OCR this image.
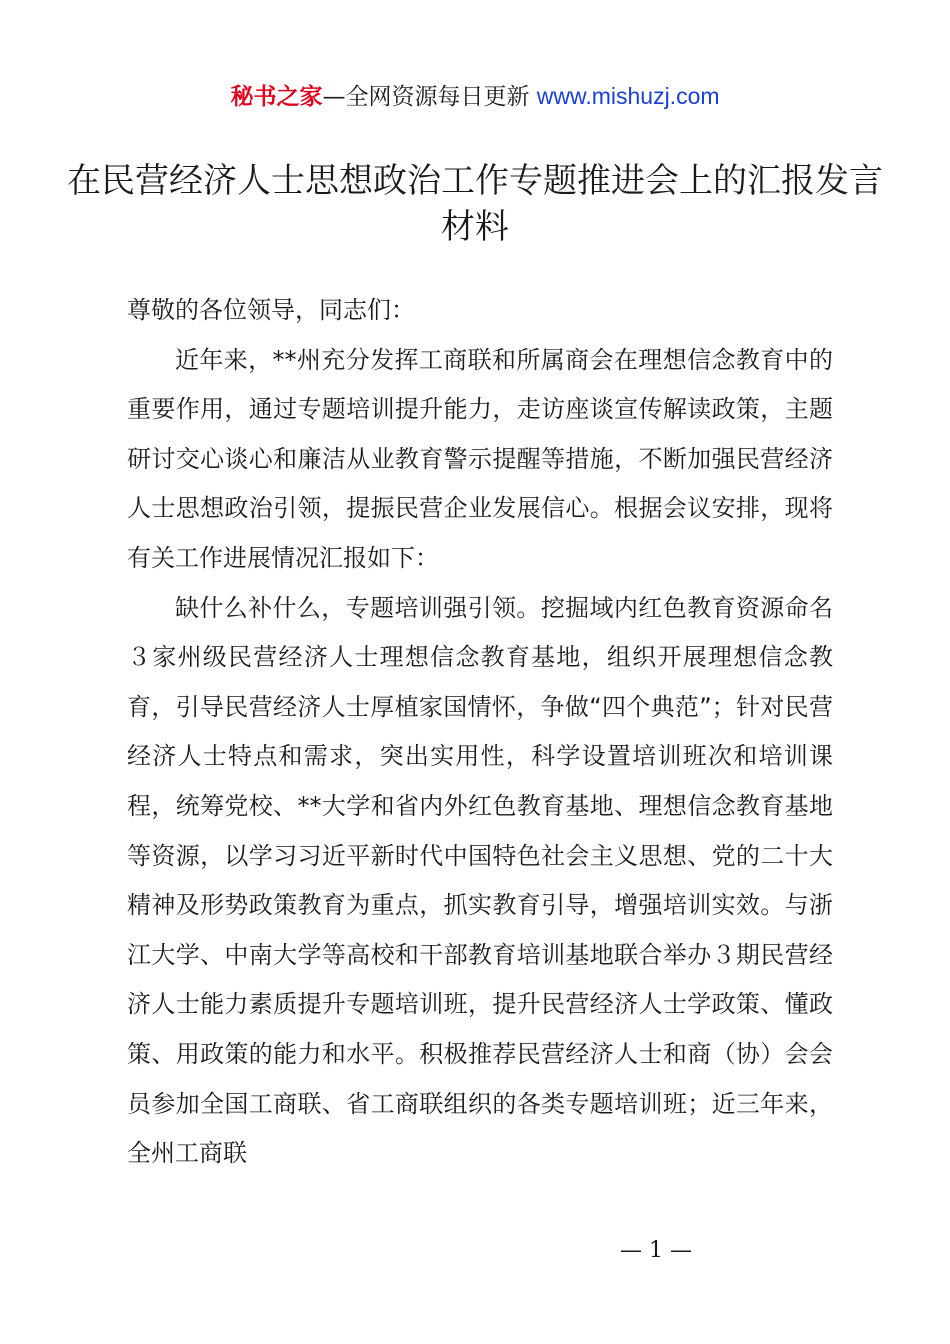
秘书之家—全网资源每日更新 www.mishuzj.com
在民营经济人士思想政治工作专题推进会上的汇报发言材料

尊敬的各位领导，同志们：

近年来，**州充分发挥工商联和所属商会在理想信念教育中的重要作用，通过专题培训提升能力，走访座谈宣传解读政策，主题研讨交心谈心和廉洁从业教育警示提醒等措施，不断加强民营经济人士思想政治引领，提振民营企业发展信心。根据会议安排，现将有关工作进展情况汇报如下：

缺什么补什么，专题培训强引领。挖掘域内红色教育资源命名３家州级民营经济人士理想信念教育基地，组织开展理想信念教育，引导民营经济人士厚植家国情怀，争做“四个典范”；针对民营经济人士特点和需求，突出实用性，科学设置培训班次和培训课程，统筹党校、**大学和省内外红色教育基地、理想信念教育基地等资源，以学习习近平新时代中国特色社会主义思想、党的二十大精神及形势政策教育为重点，抓实教育引导，增强培训实效。与浙江大学、中南大学等高校和干部教育培训基地联合举办３期民营经济人士能力素质提升专题培训班，提升民营经济人士学政策、懂政策、用政策的能力和水平。积极推荐民营经济人士和商（协）会会员参加全国工商联、省工商联组织的各类专题培训班；近三年来，全州工商联

— 1 —
